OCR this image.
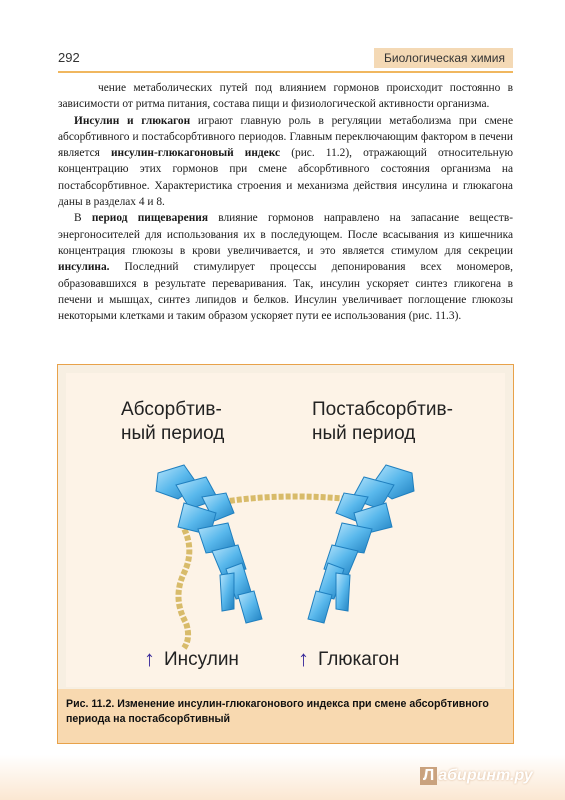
292	Биологическая химия

чение метаболических путей под влиянием гормонов происходит постоянно в зависимости от ритма питания, состава пищи и физиологической активности организма.

Инсулин и глюкагон играют главную роль в регуляции метаболизма при смене абсорбтивного и постабсорбтивного периодов. Главным переключающим фактором в печени является инсулин-глюкагоновый индекс (рис. 11.2), отражающий относительную концентрацию этих гормонов при смене абсорбтивного состояния организма на постабсорбтивное. Характеристика строения и механизма действия инсулина и глюкагона даны в разделах 4 и 8.

В период пищеварения влияние гормонов направлено на запасание веществ-энергоносителей для использования их в последующем. После всасывания из кишечника концентрация глюкозы в крови увеличивается, и это является стимулом для секреции инсулина. Последний стимулирует процессы депонирования всех мономеров, образовавшихся в результате переваривания. Так, инсулин ускоряет синтез гликогена в печени и мышцах, синтез липидов и белков. Инсулин увеличивает поглощение глюкозы некоторыми клетками и таким образом ускоряет пути ее использования (рис. 11.3).

Абсорбтив-
ный период
Постабсорбтив-
ный период
↑ Инсулин	↑ Глюкагон
Рис. 11.2. Изменение инсулин-глюкагонового индекса при смене абсорбтивного периода на постабсорбтивный
Л абиринт.ру
